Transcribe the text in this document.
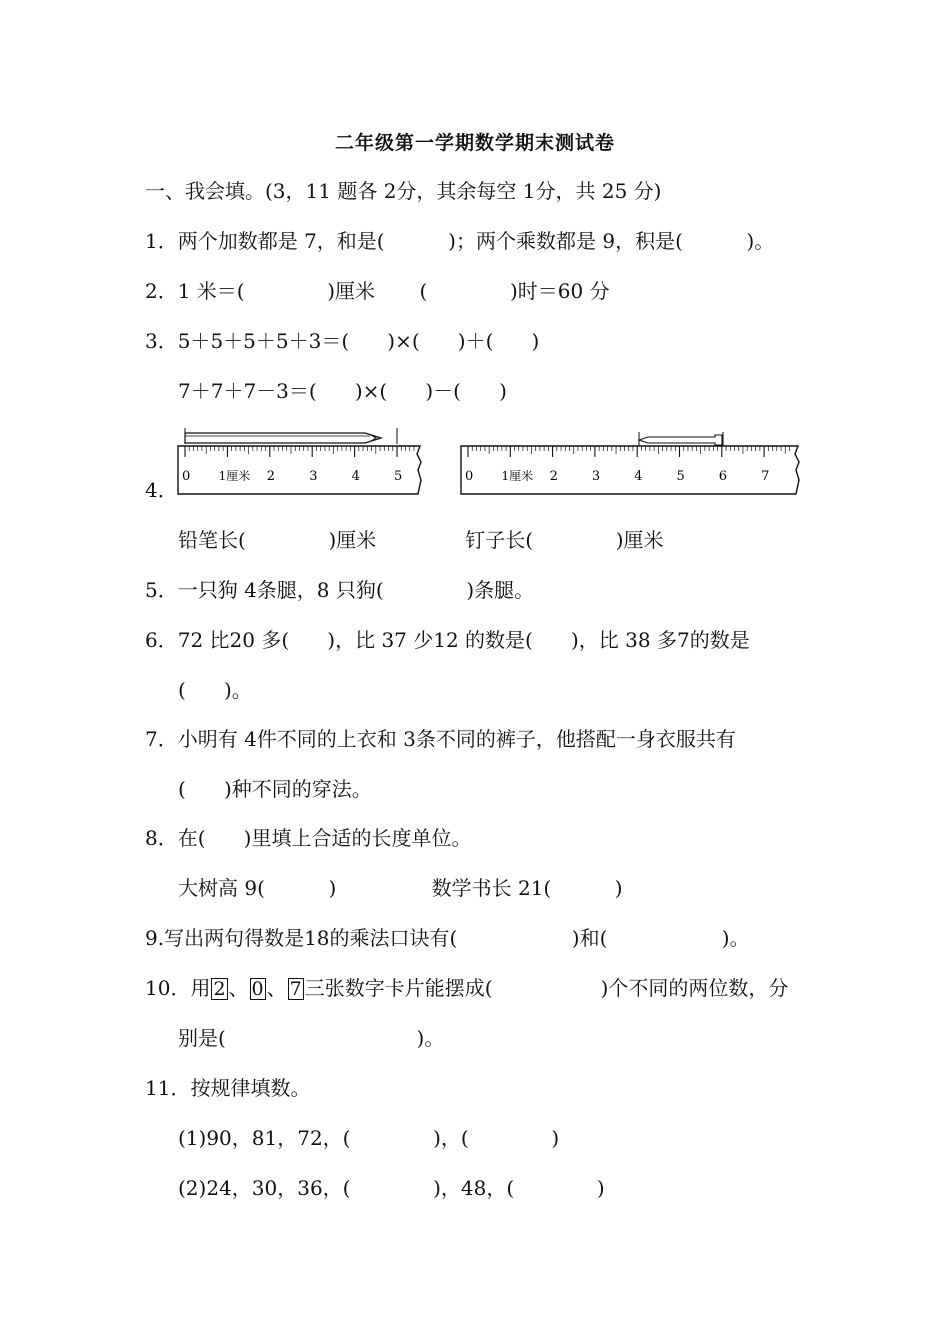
二年级第一学期数学期末测试卷
一、我会填。(3，11 题各 2分，其余每空 1分，共 25 分)
1．两个加数都是 7，和是(          )；两个乘数都是 9，积是(          )。
2．1 米＝(             )厘米       (             )时＝60 分
3．5＋5＋5＋5＋3＝(      )×(      )＋(      )
7＋7＋7－3＝(      )×(      )－(      )
4．
0 1厘米 2	3	4	5	0 1厘米 2	3	4	5	6	7
铅笔长(             )厘米              钉子长(             )厘米
5．一只狗 4条腿，8 只狗(             )条腿。
6．72 比20 多(      )，比 37 少12 的数是(      )，比 38 多7的数是
(      )。
7．小明有 4件不同的上衣和 3条不同的裤子，他搭配一身衣服共有
(      )种不同的穿法。
8．在(      )里填上合适的长度单位。
大树高 9(          )               数学书长 21(          )
9.写出两句得数是18的乘法口诀有(                  )和(                  )。
10．用 2 、 0 、 7 三张数字卡片能摆成(                 )个不同的两位数，分
别是(                              )。
11．按规律填数。
(1)90，81，72，(             )，(             )
(2)24，30，36，(             )，48，(             )
